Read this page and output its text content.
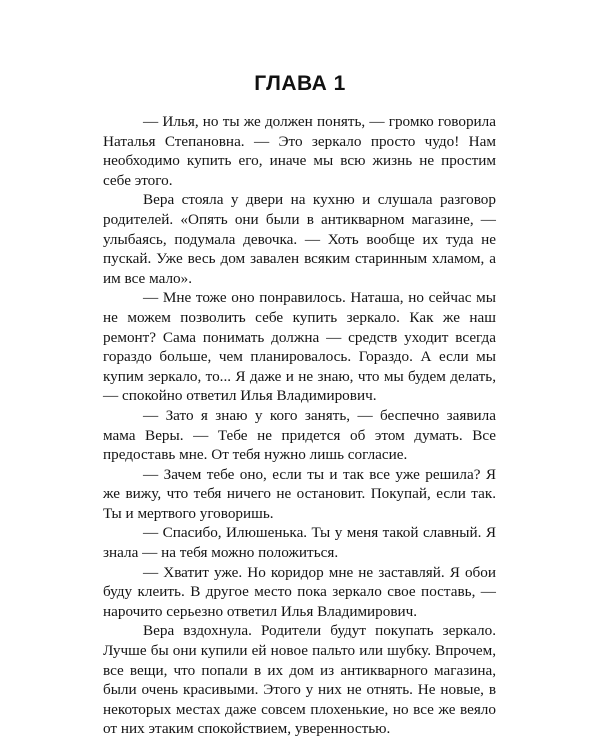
ГЛАВА 1

— Илья, но ты же должен понять, — громко говорила Наталья Степановна. — Это зеркало просто чудо! Нам необходимо купить его, иначе мы всю жизнь не простим себе этого.

Вера стояла у двери на кухню и слушала разговор родителей. «Опять они были в антикварном магазине, — улыбаясь, подумала девочка. — Хоть вообще их туда не пускай. Уже весь дом завален всяким старинным хламом, а им все мало».

— Мне тоже оно понравилось. Наташа, но сейчас мы не можем позволить себе купить зеркало. Как же наш ремонт? Сама понимать должна — средств уходит всегда гораздо больше, чем планировалось. Гораздо. А если мы купим зеркало, то... Я даже и не знаю, что мы будем делать, — спокойно ответил Илья Владимирович.

— Зато я знаю у кого занять, — беспечно заявила мама Веры. — Тебе не придется об этом думать. Все предоставь мне. От тебя нужно лишь согласие.

— Зачем тебе оно, если ты и так все уже решила? Я же вижу, что тебя ничего не остановит. Покупай, если так. Ты и мертвого уговоришь.

— Спасибо, Илюшенька. Ты у меня такой славный. Я знала — на тебя можно положиться.

— Хватит уже. Но коридор мне не заставляй. Я обои буду клеить. В другое место пока зеркало свое поставь, — нарочито серьезно ответил Илья Владимирович.

Вера вздохнула. Родители будут покупать зеркало. Лучше бы они купили ей новое пальто или шубку. Впрочем, все вещи, что попали в их дом из антикварного магазина, были очень красивыми. Этого у них не отнять. Не новые, в некоторых местах даже совсем плохенькие, но все же веяло от них этаким спокойствием, уверенностью.
